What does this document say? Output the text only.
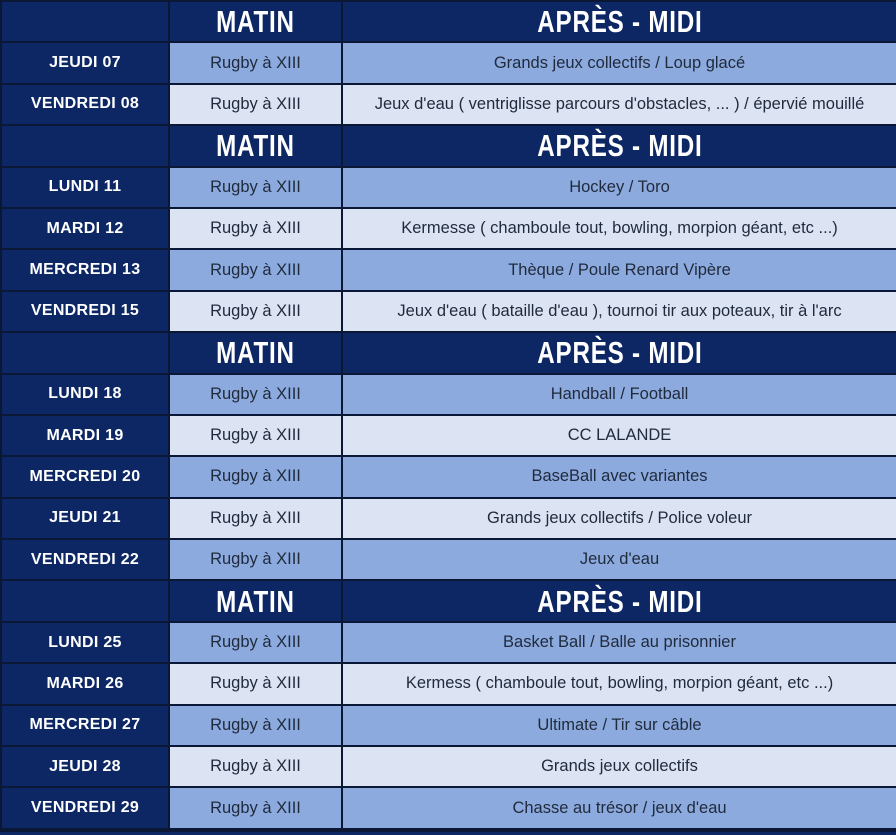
	MATIN	APRÈS - MIDI
JEUDI 07	Rugby à XIII	Grands jeux collectifs / Loup glacé
VENDREDI 08	Rugby à XIII	Jeux d'eau ( ventriglisse parcours d'obstacles, ... ) / épervié mouillé
	MATIN	APRÈS - MIDI
LUNDI 11	Rugby à XIII	Hockey / Toro
MARDI 12	Rugby à XIII	Kermesse ( chamboule tout, bowling, morpion géant, etc ...)
MERCREDI 13	Rugby à XIII	Thèque / Poule Renard Vipère
VENDREDI 15	Rugby à XIII	Jeux d'eau ( bataille d'eau ), tournoi tir aux poteaux, tir à l'arc
	MATIN	APRÈS - MIDI
LUNDI 18	Rugby à XIII	Handball / Football
MARDI 19	Rugby à XIII	CC LALANDE
MERCREDI 20	Rugby à XIII	BaseBall avec variantes
JEUDI 21	Rugby à XIII	Grands jeux collectifs / Police voleur
VENDREDI 22	Rugby à XIII	Jeux d'eau
	MATIN	APRÈS - MIDI
LUNDI 25	Rugby à XIII	Basket Ball / Balle au prisonnier
MARDI 26	Rugby à XIII	Kermess ( chamboule tout, bowling, morpion géant, etc ...)
MERCREDI 27	Rugby à XIII	Ultimate / Tir sur câble
JEUDI 28	Rugby à XIII	Grands jeux collectifs
VENDREDI 29	Rugby à XIII	Chasse au trésor / jeux d'eau
